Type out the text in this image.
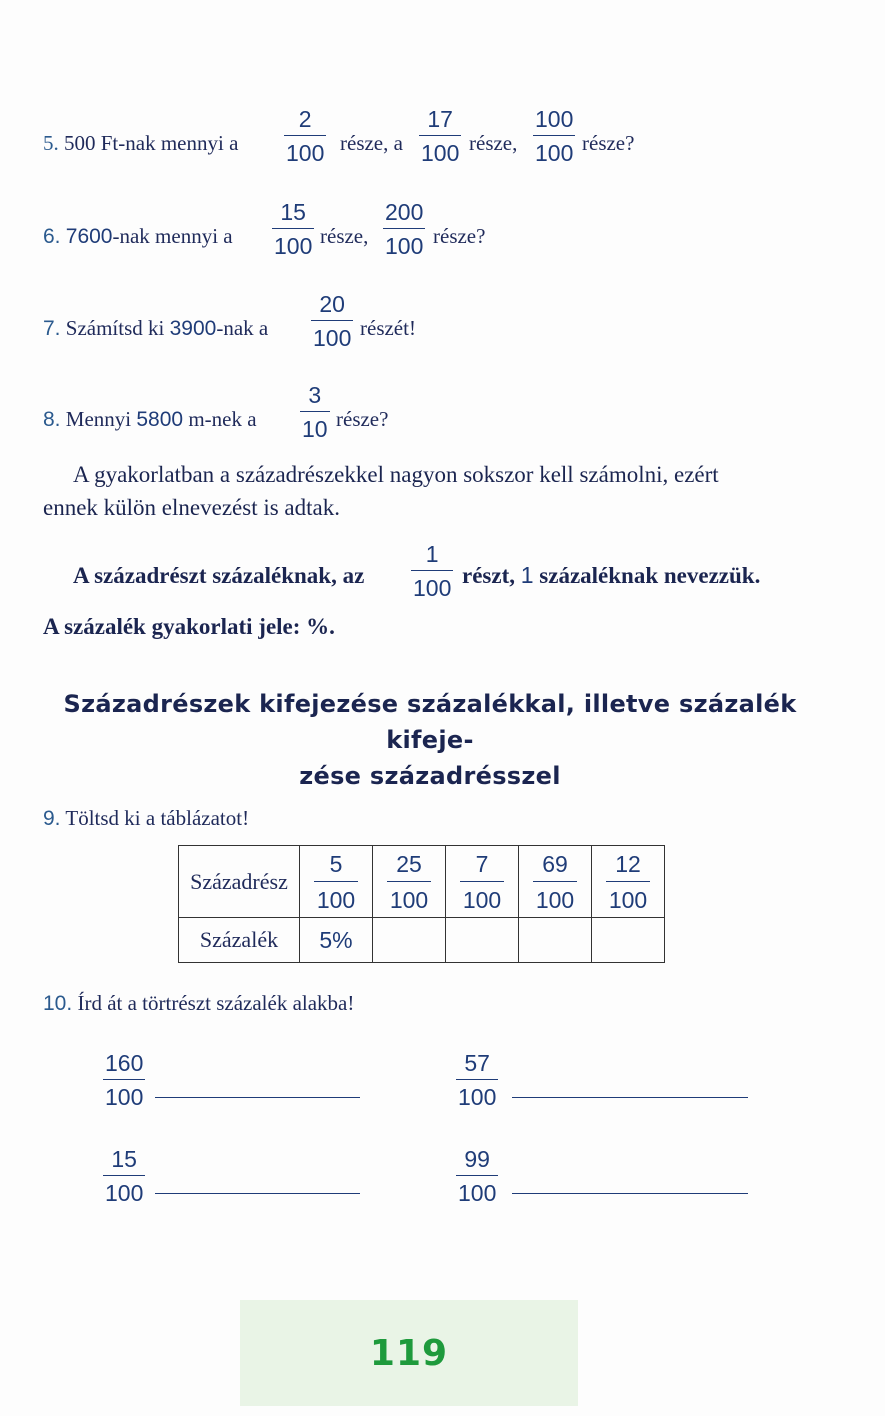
5. 500 Ft-nak mennyi a
2
100 része, a
17
100 része,
100
100 része?
6. 7600-nak mennyi a
15
100 része,
200
100 része?
7. Számítsd ki 3900-nak a
20
100 részét!
8. Mennyi 5800 m-nek a
3
10 része?
A gyakorlatban a századrészekkel nagyon sokszor kell számolni, ezért
ennek külön elnevezést is adtak.
A századrészt százaléknak, az
1
100 részt, 1 százaléknak nevezzük.
A százalék gyakorlati jele: %.
Századrészek kifejezése százalékkal, illetve százalék kifeje-
zése századrésszel
9. Töltsd ki a táblázatot!
Századrész	$\frac{5}{100}$	$\frac{25}{100}$	$\frac{7}{100}$	$\frac{69}{100}$	$\frac{12}{100}$

Százalék	5%				
10. Írd át a törtrészt százalék alakba!
160
100
57
100
15
100
99
100
119
